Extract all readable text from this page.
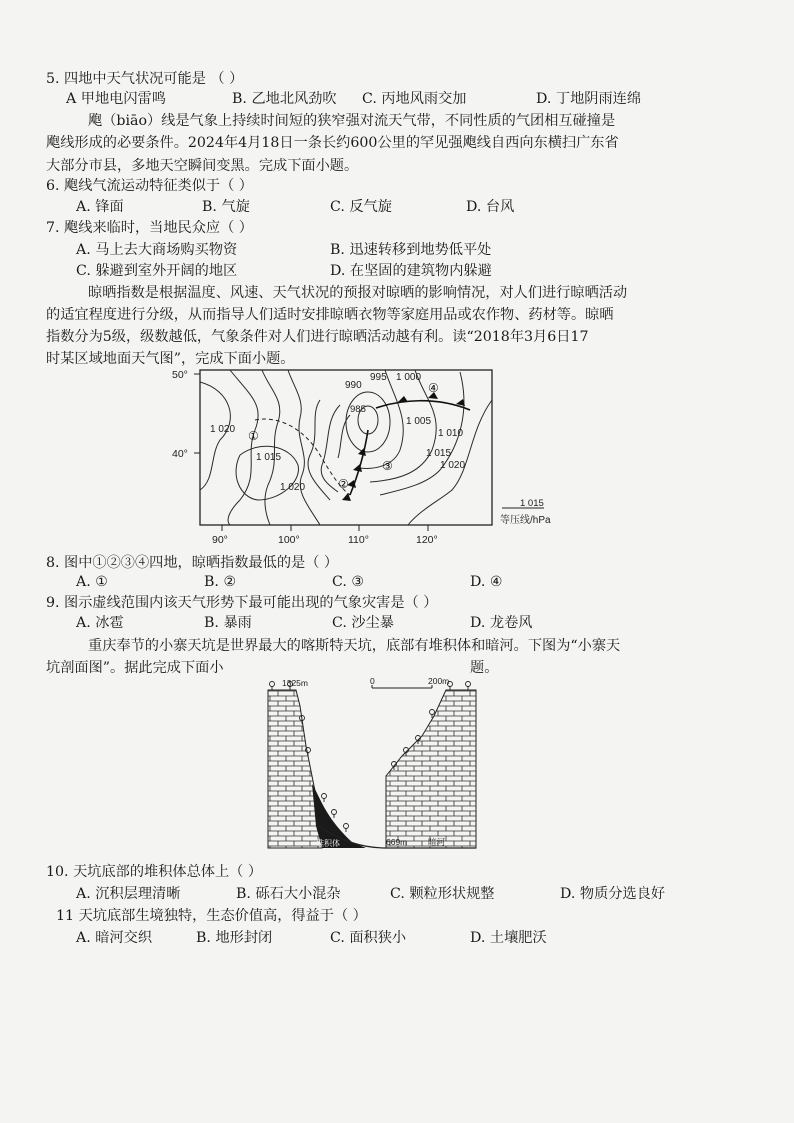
5. 四地中天气状况可能是 （ ）
A 甲地电闪雷鸣	B. 乙地北风劲吹 C. 丙地风雨交加	D. 丁地阴雨连绵
飑（biāo）线是气象上持续时间短的狭窄强对流天气带，不同性质的气团相互碰撞是
飑线形成的必要条件。2024年4月18日一条长约600公里的罕见强飑线自西向东横扫广东省
大部分市县，多地天空瞬间变黑。完成下面小题。
6. 飑线气流运动特征类似于（ ）
A. 锋面	B. 气旋	C. 反气旋	D. 台风
7. 飑线来临时，当地民众应（ ）
A. 马上去大商场购买物资	B. 迅速转移到地势低平处
C. 躲避到室外开阔的地区	D. 在坚固的建筑物内躲避
晾晒指数是根据温度、风速、天气状况的预报对晾晒的影响情况，对人们进行晾晒活动
的适宜程度进行分级，从而指导人们适时安排晾晒衣物等家庭用品或农作物、药材等。晾晒
指数分为5级，级数越低，气象条件对人们进行晾晒活动越有利。读“2018年3月6日17
时某区域地面天气图”，完成下面小题。
50°
40°
90°	100°	110°	120°
990
995 1 000
985
1 005
1 010
1 015	1 015
1 020
1 020
1 020
①
②
③
④
1 015
等压线/hPa
8. 图中①②③④四地，晾晒指数最低的是（ ）
A. ①	B. ②	C. ③	D. ④
9. 图示虚线范围内该天气形势下最可能出现的气象灾害是（ ）
A. 冰雹	B. 暴雨	C. 沙尘暴	D. 龙卷风
重庆奉节的小寨天坑是世界最大的喀斯特天坑，底部有堆积体和暗河。下图为“小寨天
坑剖面图”。据此完成下面小	题。
堆积体
1325m	0	200m
669m 暗河
10. 天坑底部的堆积体总体上（ ）
A. 沉积层理清晰	B. 砾石大小混杂	C. 颗粒形状规整	D. 物质分选良好
11 天坑底部生境独特，生态价值高，得益于（ ）
A. 暗河交织	B. 地形封闭	C. 面积狭小	D. 土壤肥沃
